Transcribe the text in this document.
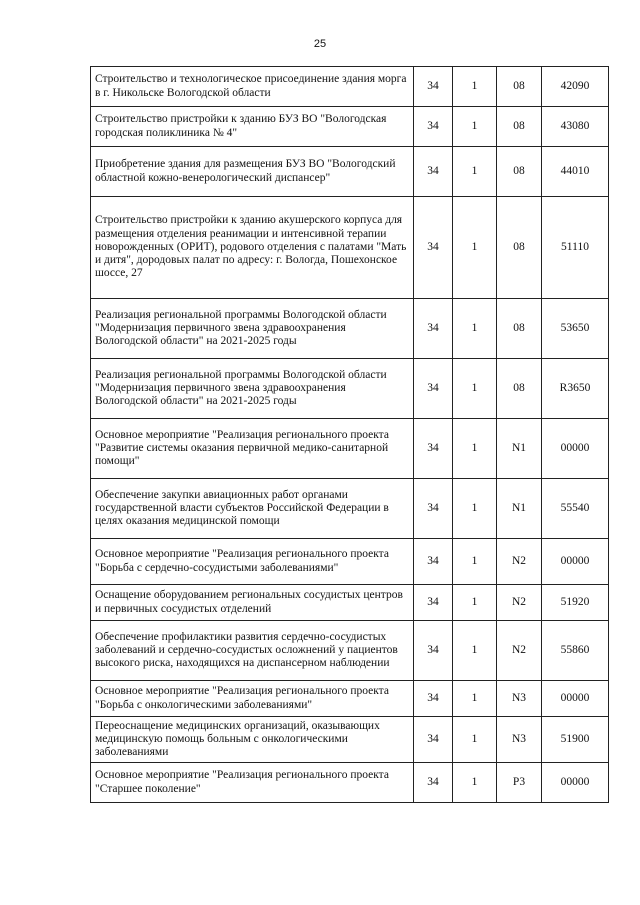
25
Строительство и технологическое присоединение здания морга в г. Никольске Вологодской области	34	1	08	42090
Строительство пристройки к зданию БУЗ ВО "Вологодская городская поликлиника № 4"	34	1	08	43080
Приобретение здания для размещения БУЗ ВО "Вологодский областной кожно-венерологический диспансер"	34	1	08	44010
Строительство пристройки к зданию акушерского корпуса для размещения отделения реанимации и интенсивной терапии новорожденных (ОРИТ), родового отделения с палатами "Мать и дитя", дородовых палат по адресу: г. Вологда, Пошехонское шоссе, 27	34	1	08	51110
Реализация региональной программы Вологодской области "Модернизация первичного звена здравоохранения Вологодской области" на 2021-2025 годы	34	1	08	53650
Реализация региональной программы Вологодской области "Модернизация первичного звена здравоохранения Вологодской области" на 2021-2025 годы	34	1	08	R3650
Основное мероприятие "Реализация регионального проекта "Развитие системы оказания первичной медико-санитарной помощи"	34	1	N1	00000
Обеспечение закупки авиационных работ органами государственной власти субъектов Российской Федерации в целях оказания медицинской помощи	34	1	N1	55540
Основное мероприятие "Реализация регионального проекта "Борьба с сердечно-сосудистыми заболеваниями"	34	1	N2	00000
Оснащение оборудованием региональных сосудистых центров и первичных сосудистых отделений	34	1	N2	51920
Обеспечение профилактики развития сердечно-сосудистых заболеваний и сердечно-сосудистых осложнений у пациентов высокого риска, находящихся на диспансерном наблюдении	34	1	N2	55860
Основное мероприятие "Реализация регионального проекта "Борьба с онкологическими заболеваниями"	34	1	N3	00000
Переоснащение медицинских организаций, оказывающих медицинскую помощь больным с онкологическими заболеваниями	34	1	N3	51900
Основное мероприятие "Реализация регионального проекта "Старшее поколение"	34	1	P3	00000
